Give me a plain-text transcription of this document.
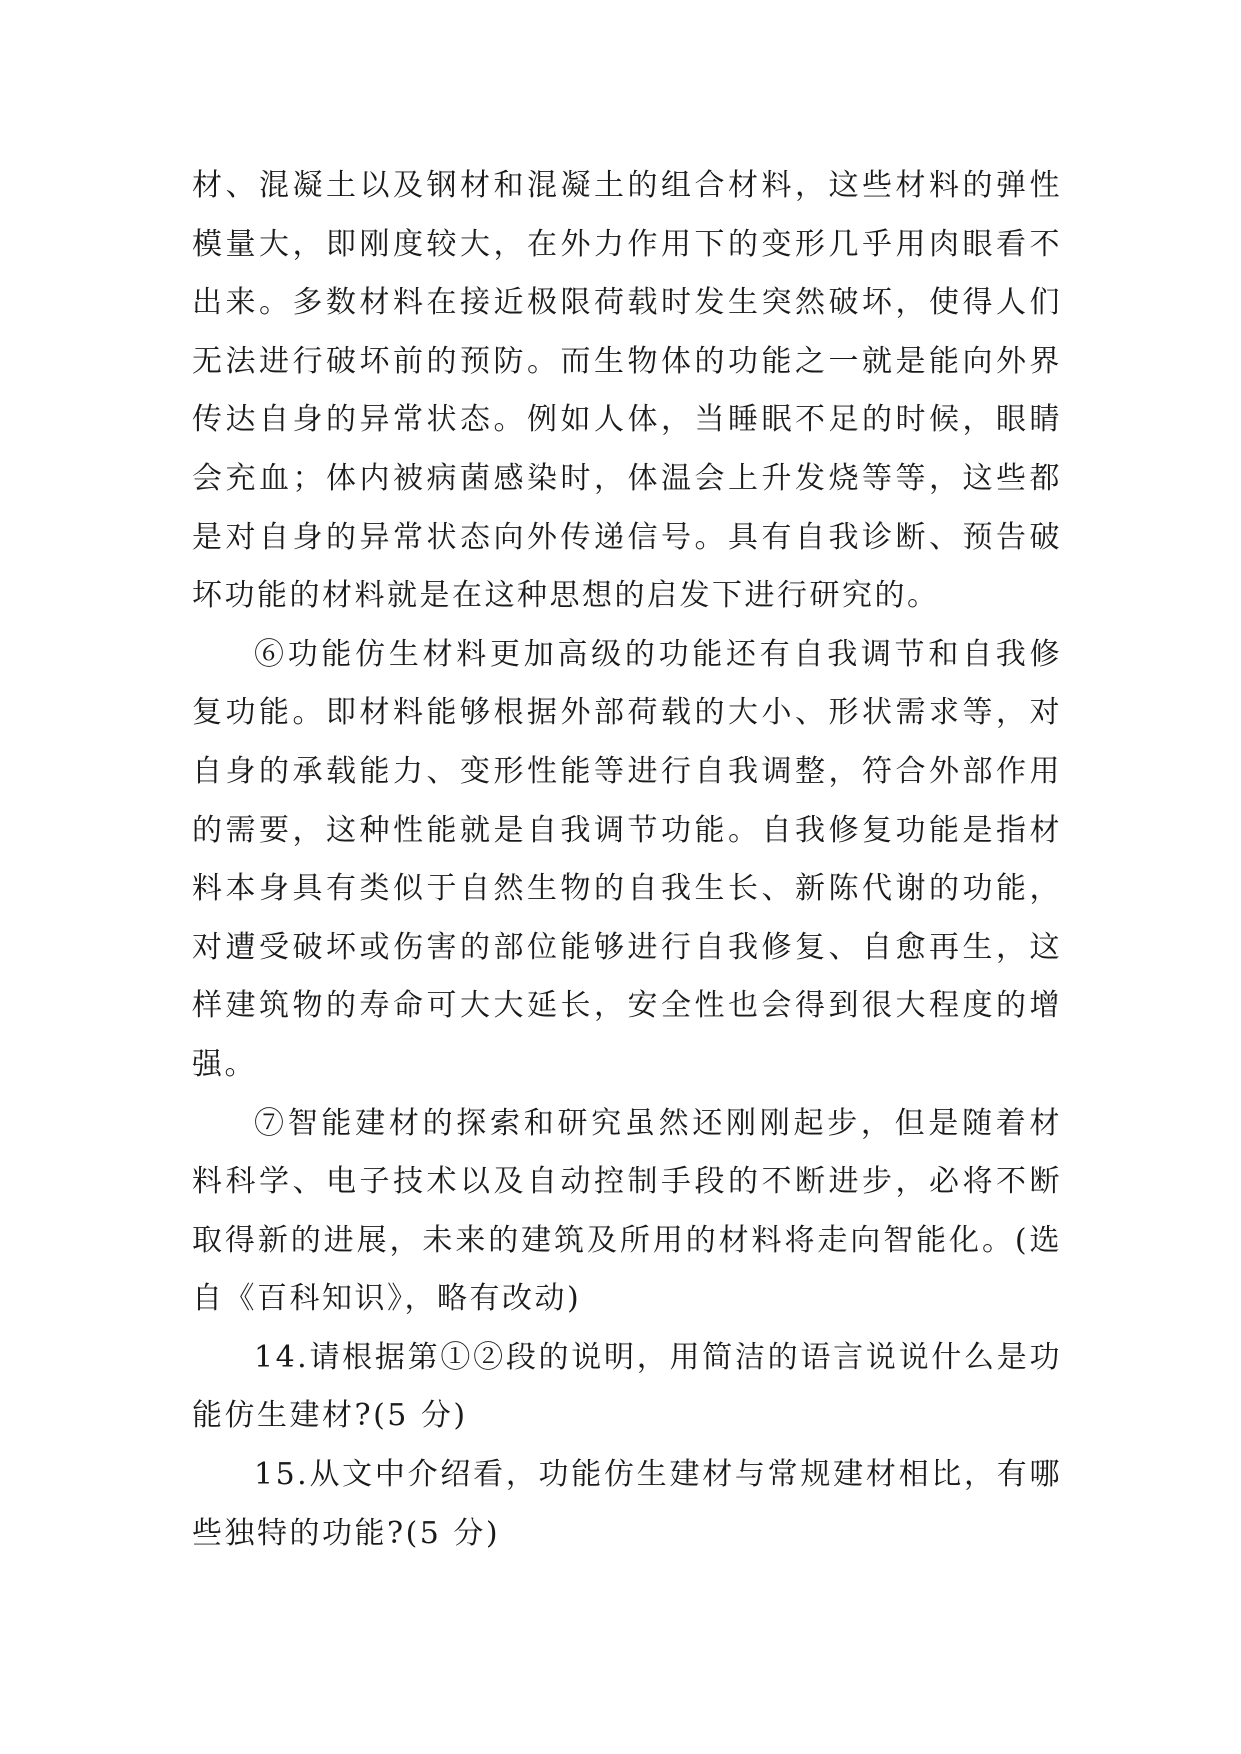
材、混凝土以及钢材和混凝土的组合材料，这些材料的弹性模量大，即刚度较大，在外力作用下的变形几乎用肉眼看不出来。多数材料在接近极限荷载时发生突然破坏，使得人们无法进行破坏前的预防。而生物体的功能之一就是能向外界传达自身的异常状态。例如人体，当睡眠不足的时候，眼睛会充血；体内被病菌感染时，体温会上升发烧等等，这些都是对自身的异常状态向外传递信号。具有自我诊断、预告破坏功能的材料就是在这种思想的启发下进行研究的。

⑥功能仿生材料更加高级的功能还有自我调节和自我修复功能。即材料能够根据外部荷载的大小、形状需求等，对自身的承载能力、变形性能等进行自我调整，符合外部作用的需要，这种性能就是自我调节功能。自我修复功能是指材料本身具有类似于自然生物的自我生长、新陈代谢的功能，对遭受破坏或伤害的部位能够进行自我修复、自愈再生，这样建筑物的寿命可大大延长，安全性也会得到很大程度的增强。

⑦智能建材的探索和研究虽然还刚刚起步，但是随着材料科学、电子技术以及自动控制手段的不断进步，必将不断取得新的进展，未来的建筑及所用的材料将走向智能化。(选自《百科知识》，略有改动)

14.请根据第①②段的说明，用简洁的语言说说什么是功能仿生建材?(5 分)

15.从文中介绍看，功能仿生建材与常规建材相比，有哪些独特的功能?(5 分)
